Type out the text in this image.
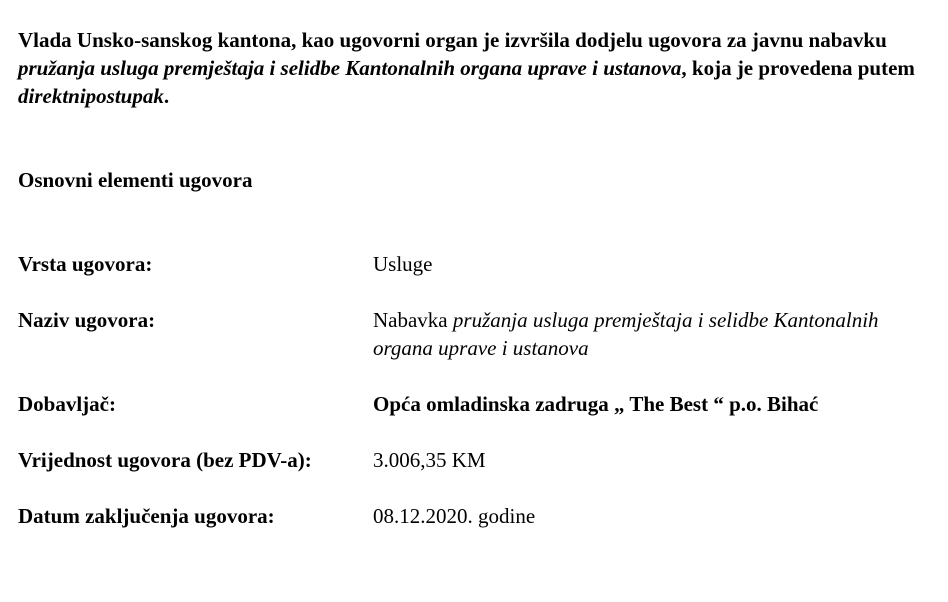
Vlada Unsko-sanskog kantona, kao ugovorni organ je izvršila dodjelu ugovora za javnu nabavku pružanja usluga premještaja i selidbe Kantonalnih organa uprave i ustanova, koja je provedena putem direktnipostupak.

Osnovni elementi ugovora
Vrsta ugovora:	Usluge
Naziv ugovora:	Nabavka pružanja usluga premještaja i selidbe Kantonalnih organa uprave i ustanova
Dobavljač:	Opća omladinska zadruga „ The Best “ p.o. Bihać
Vrijednost ugovora (bez PDV-a):	3.006,35 KM
Datum zaključenja ugovora:	08.12.2020. godine
